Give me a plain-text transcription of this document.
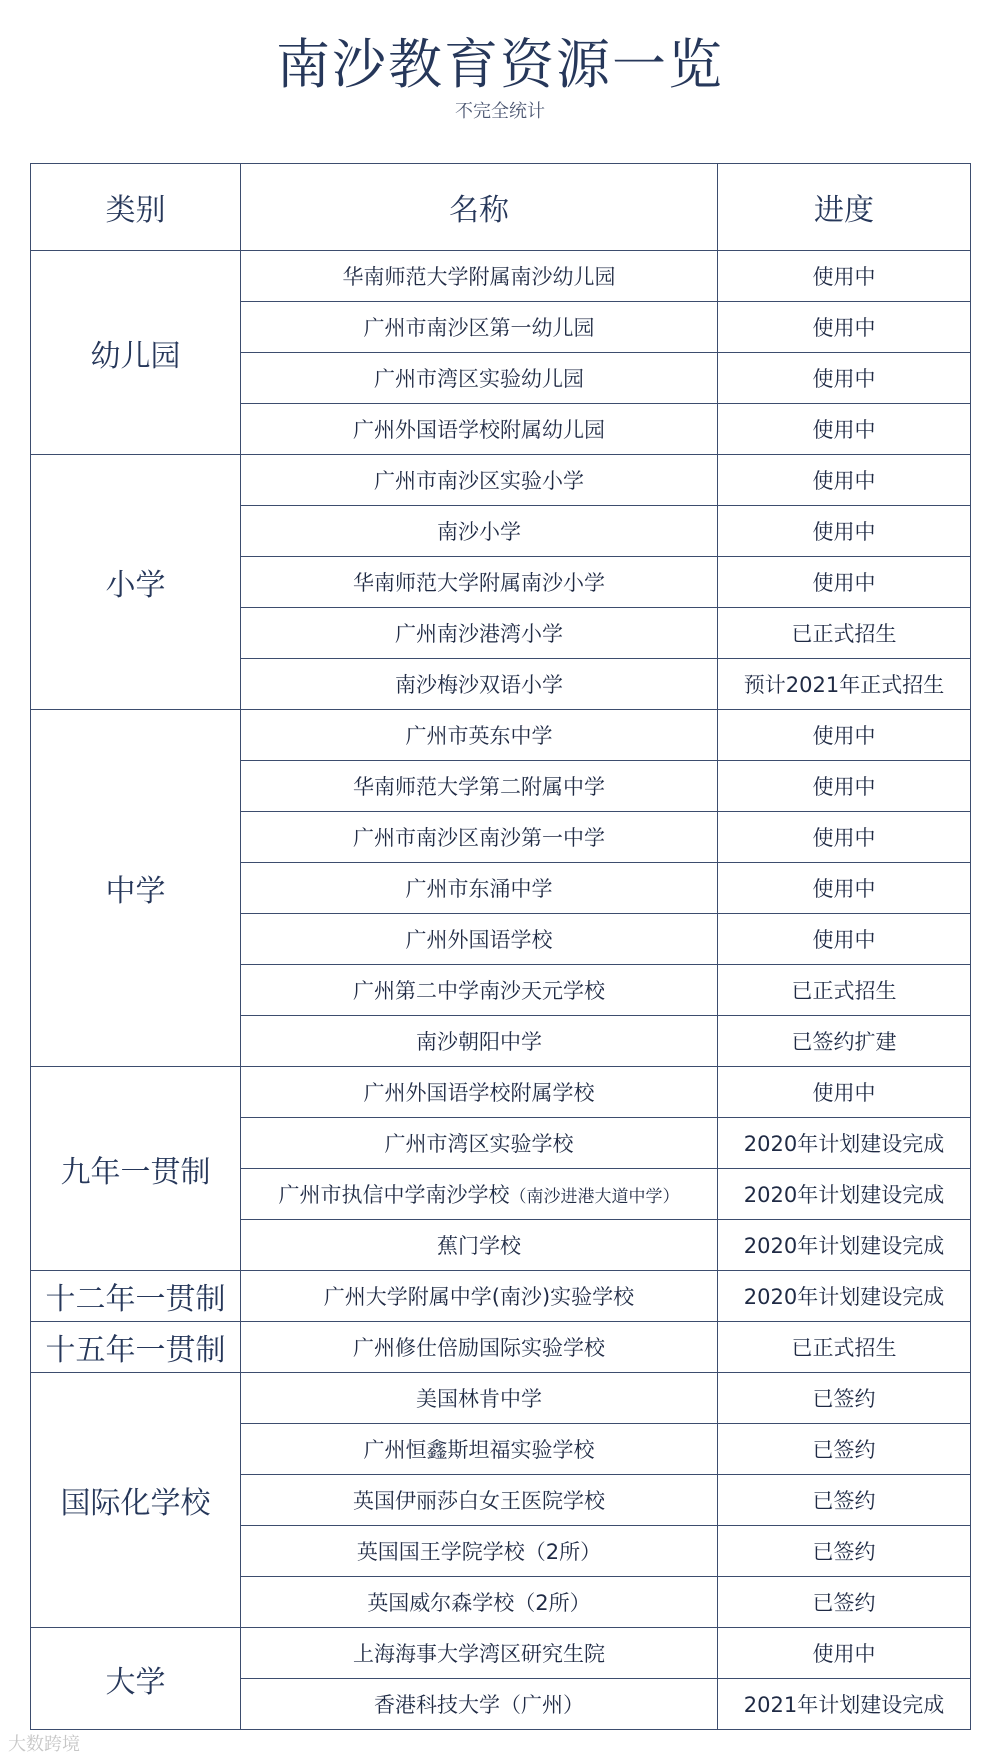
南沙教育资源一览
不完全统计
类别	名称	进度
幼儿园	华南师范大学附属南沙幼儿园	使用中
	广州市南沙区第一幼儿园	使用中
	广州市湾区实验幼儿园	使用中
	广州外国语学校附属幼儿园	使用中
小学	广州市南沙区实验小学	使用中
	南沙小学	使用中
	华南师范大学附属南沙小学	使用中
	广州南沙港湾小学	已正式招生
	南沙梅沙双语小学	预计2021年正式招生
中学	广州市英东中学	使用中
	华南师范大学第二附属中学	使用中
	广州市南沙区南沙第一中学	使用中
	广州市东涌中学	使用中
	广州外国语学校	使用中
	广州第二中学南沙天元学校	已正式招生
	南沙朝阳中学	已签约扩建
九年一贯制	广州外国语学校附属学校	使用中
	广州市湾区实验学校	2020年计划建设完成
	广州市执信中学南沙学校（南沙进港大道中学）	2020年计划建设完成
	蕉门学校	2020年计划建设完成
十二年一贯制	广州大学附属中学(南沙)实验学校	2020年计划建设完成
十五年一贯制	广州修仕倍励国际实验学校	已正式招生
国际化学校	美国林肯中学	已签约
	广州恒鑫斯坦福实验学校	已签约
	英国伊丽莎白女王医院学校	已签约
	英国国王学院学校（2所）	已签约
	英国威尔森学校（2所）	已签约
大学	上海海事大学湾区研究生院	使用中
	香港科技大学（广州）	2021年计划建设完成
大数跨境
